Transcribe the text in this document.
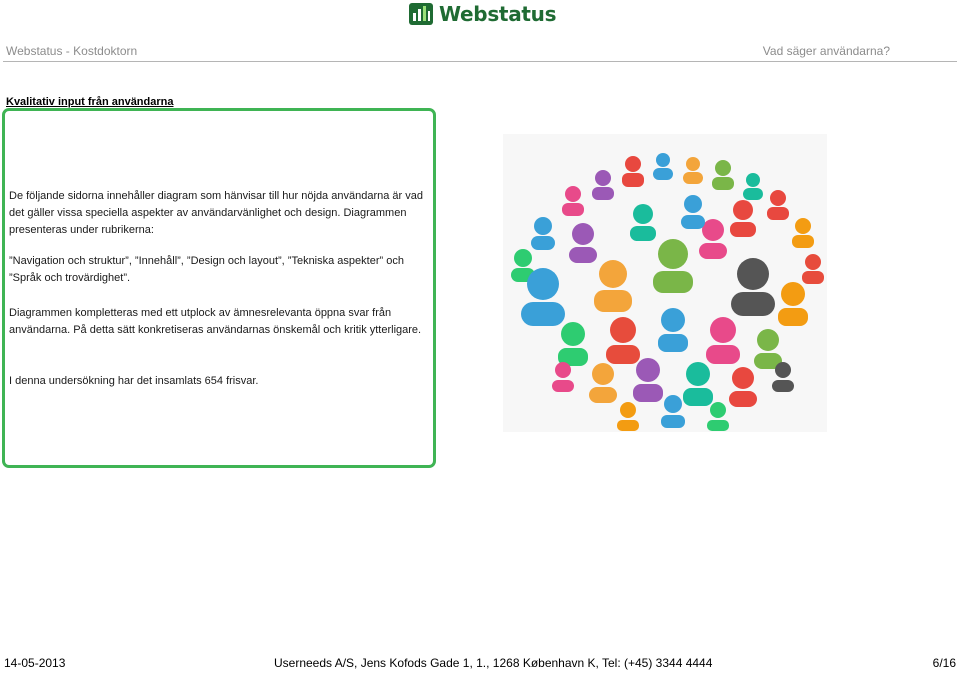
Webstatus
Webstatus - Kostdoktorn	Vad säger användarna?
Kvalitativ input från användarna

De följande sidorna innehåller diagram som hänvisar till hur nöjda användarna är vad det gäller vissa speciella aspekter av användarvänlighet och design. Diagrammen presenteras under rubrikerna:

”Navigation och struktur”, ”Innehåll”, ”Design och layout”, ”Tekniska aspekter” och ”Språk och trovärdighet”.

Diagrammen kompletteras med ett utplock av ämnesrelevanta öppna svar från användarna. På detta sätt konkretiseras användarnas önskemål och kritik ytterligare.

I denna undersökning har det insamlats 654 frisvar.

14-05-2013	Userneeds A/S, Jens Kofods Gade 1, 1., 1268 København K, Tel: (+45) 3344 4444	6/16
